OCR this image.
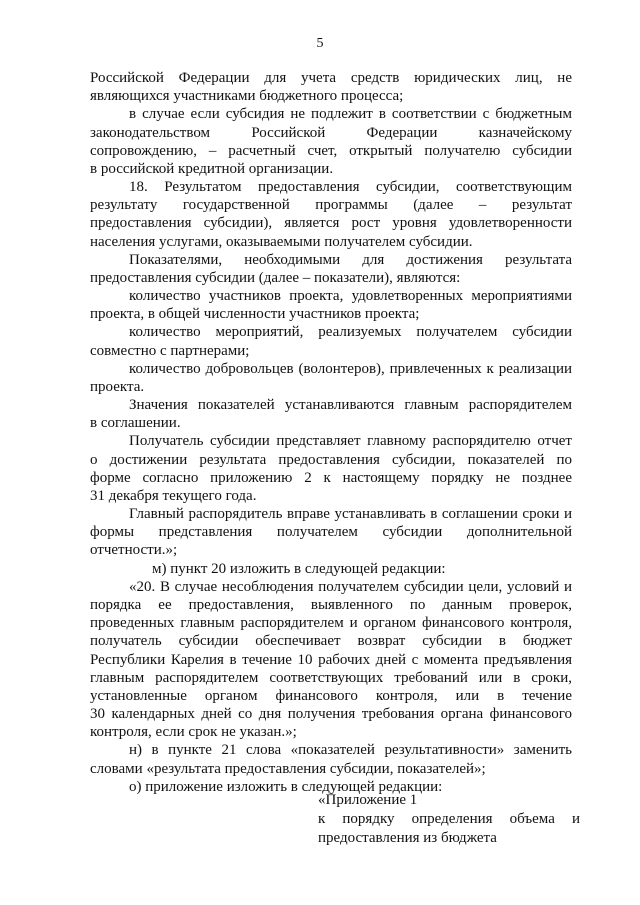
5
Российской Федерации для учета средств юридических лиц, не
являющихся участниками бюджетного процесса;
в случае если субсидия не подлежит в соответствии с бюджетным
законодательством Российской Федерации казначейскому
сопровождению, – расчетный счет, открытый получателю субсидии
в российской кредитной организации.
18. Результатом предоставления субсидии, соответствующим
результату государственной программы (далее – результат
предоставления субсидии), является рост уровня удовлетворенности
населения услугами, оказываемыми получателем субсидии.
Показателями, необходимыми для достижения результата
предоставления субсидии (далее – показатели), являются:
количество участников проекта, удовлетворенных мероприятиями
проекта, в общей численности участников проекта;
количество мероприятий, реализуемых получателем субсидии
совместно с партнерами;
количество добровольцев (волонтеров), привлеченных к реализации
проекта.
Значения показателей устанавливаются главным распорядителем
в соглашении.
Получатель субсидии представляет главному распорядителю отчет
о достижении результата предоставления субсидии, показателей по
форме согласно приложению 2 к настоящему порядку не позднее
31 декабря текущего года.
Главный распорядитель вправе устанавливать в соглашении сроки и
формы представления получателем субсидии дополнительной
отчетности.»;
м) пункт 20 изложить в следующей редакции:
«20. В случае несоблюдения получателем субсидии цели, условий и
порядка ее предоставления, выявленного по данным проверок,
проведенных главным распорядителем и органом финансового контроля,
получатель субсидии обеспечивает возврат субсидии в бюджет
Республики Карелия в течение 10 рабочих дней с момента предъявления
главным распорядителем соответствующих требований или в сроки,
установленные органом финансового контроля, или в течение
30 календарных дней со дня получения требования органа финансового
контроля, если срок не указан.»;
н) в пункте 21 слова «показателей результативности» заменить
словами «результата предоставления субсидии, показателей»;
о) приложение изложить в следующей редакции:
«Приложение 1
к порядку определения объема и
предоставления из бюджета
